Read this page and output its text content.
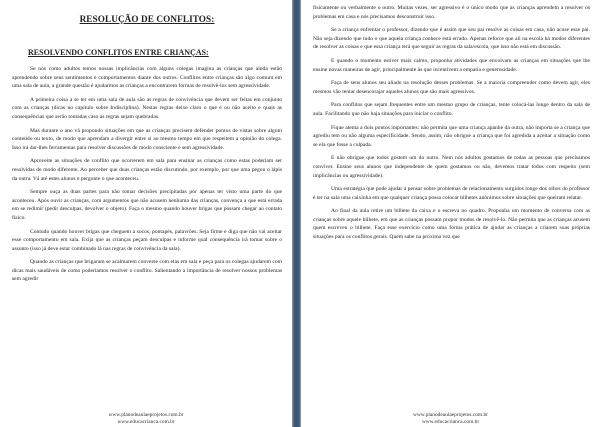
RESOLUÇÃO DE CONFLITOS:
RESOLVENDO CONFLITOS ENTRE CRIANÇAS:

Se nós como adultos temos nossas implicâncias com alguns colegas imagina as crianças que ainda estão aprendendo sobre seus sentimentos e comportamentos diante dos outros. Conflitos entre crianças são algo comum em uma sala de aula, a grande questão é ajudarmos as crianças a encontrarem formas de resolvê-los sem agressividade.

A primeira coisa a se ter em uma sala de aula são as regras de convivência que devem ser feitas em conjunto com as crianças (dicas no capítulo sobre Indisciplina). Nestas regras deixe claro o que é ou não aceito e quais as consequências que serão tomadas caso as regras sejam quebradas.

Mas durante o ano vá propondo situações em que as crianças precisem defender pontos de vistas sobre algum conteúdo ou texto, de modo que aprendam a divergir entre si ao mesmo tempo em que respeitem a opinião do colega. Isso irá dar-lhes ferramentas para resolver discussões de modo consciente e sem agressividade.

Aproveite as situações de conflito que ocorrerem em sala para ensinar as crianças como estas poderiam ser resolvidas de modo diferente. Ao perceber que duas crianças estão discutindo, por exemplo, por que uma pegou o lápis da outra. Vá até estes alunos e pergunte o que aconteceu.

Sempre ouça as duas partes para não tomar decisões precipitadas por apenas ter visto uma parte do que aconteceu. Após ouvir as crianças, com argumentos que não acusem nenhuma das crianças, convença a que está errada em se redimir (pedir desculpas, devolver o objeto). Faça o mesmo quando houver brigas que possam chegar ao contato físico.

Contudo quando houver brigas que cheguem a socos, pontapés, palavrões. Seja firme e diga que não vai aceitar esse comportamento em sala. Exija que as crianças peçam desculpas e informe qual consequência irá tomar sobre o assunto (isso já deve estar combinado lá nas regras de convivência da sala).

Quando as crianças que brigaram se acalmarem converse com elas em sala e peça para os colegas ajudarem com dicas mais saudáveis de como poderíamos resolver o conflito. Salientando a importância de resolver nossos problemas sem agredir

www.planodeaulaeprojetos.com.br
www.educacrianca.com.br

fisicamente ou verbalmente o outro. Muitas vezes, ser agressivo é o único modo que as crianças aprendem a resolver os problemas em casa e nós precisamos desconstruir isso.

Se a criança enfrentar o professor, dizendo que é assim que seu pai resolve as coisas em casa, não acuse esse pai. Não seja dizendo que tudo o que aquela criança conhece está errado. Apenas reforce que ali na escola há modos diferentes de resolver as coisas e que essa criança terá que seguir as regras da sala/escola, que isso não está em discussão.

E quando o momento estiver mais calmo, proponha atividades que envolvam as crianças em situações que lhe ensine novas maneiras de agir, principalmente às que incentivem a empatia e generosidade.

Faça de seus alunos seu aliado na resolução desses problemas. Se a maioria compreender como devem agir, eles mesmos vão tentar desencorajar aqueles alunos que são mais agressivos.

Para conflitos que sejam frequentes entre um mesmo grupo de crianças, tente colocá-las longe dentro da sala de aula. Facilitando que não haja situações para iniciar o conflito.

Fique atenta a dois pontos importantes: não permita que uma criança apanhe da outra, não importa se a criança que agrediu tem ou não alguma especificidade. Sendo, assim, não obrigue a criança que foi agredida a aceitar a situação como se ela que fosse a culpada.

E não obrigue que todos gostem um do outro. Nem nós adultos gostamos de todas as pessoas que precisamos conviver. Ensine seus alunos que independente de quem gostamos ou não, devemos tratar todos com respeito (sem implicâncias ou agressividade).

Uma estratégia que pode ajudar a pensar sobre problemas de relacionamento surgidos longe dos olhos do professor é ter na sala uma caixinha em que qualquer criança possa colocar bilhetes anônimos sobre situações que queiram relatar.

Ao final da aula retire um bilhete da caixa e o escreva no quadro. Proponha um momento de conversa com as crianças sobre aquele bilhete, em que as crianças possam propor modos de resolvê-lo. Não permita que as crianças acusem quem escreveu o bilhete. Faça esse exercício como uma forma prática de ajudar as crianças a criarem suas próprias situações para os conflitos gerais. Quem sabe na próxima vez que

www.planodeaulaeprojetos.com.br
www.educacrianca.com.br
